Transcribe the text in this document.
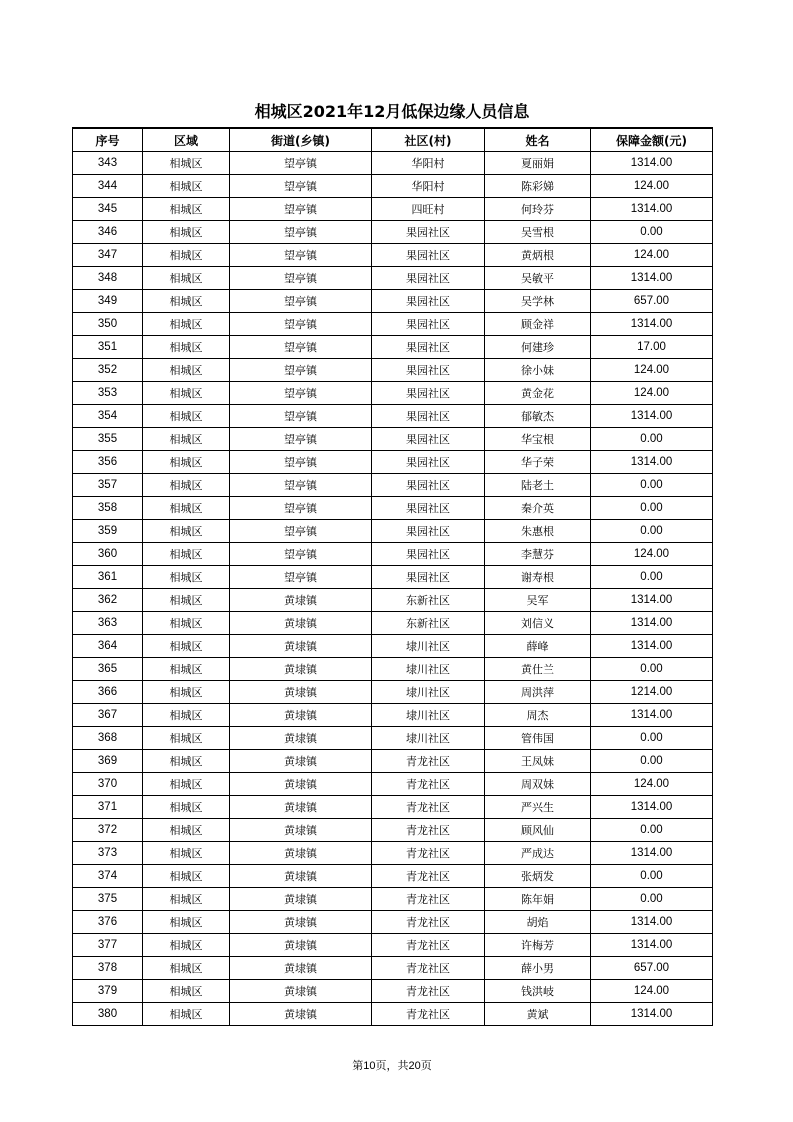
相城区2021年12月低保边缘人员信息
序号	区域	街道(乡镇)	社区(村)	姓名	保障金额(元)
343	相城区	望亭镇	华阳村	夏丽娟	1314.00
344	相城区	望亭镇	华阳村	陈彩娣	124.00
345	相城区	望亭镇	四旺村	何玲芬	1314.00
346	相城区	望亭镇	果园社区	吴雪根	0.00
347	相城区	望亭镇	果园社区	黄炳根	124.00
348	相城区	望亭镇	果园社区	吴敏平	1314.00
349	相城区	望亭镇	果园社区	吴学林	657.00
350	相城区	望亭镇	果园社区	顾金祥	1314.00
351	相城区	望亭镇	果园社区	何建珍	17.00
352	相城区	望亭镇	果园社区	徐小妹	124.00
353	相城区	望亭镇	果园社区	黄金花	124.00
354	相城区	望亭镇	果园社区	郁敏杰	1314.00
355	相城区	望亭镇	果园社区	华宝根	0.00
356	相城区	望亭镇	果园社区	华子荣	1314.00
357	相城区	望亭镇	果园社区	陆老土	0.00
358	相城区	望亭镇	果园社区	秦介英	0.00
359	相城区	望亭镇	果园社区	朱惠根	0.00
360	相城区	望亭镇	果园社区	李慧芬	124.00
361	相城区	望亭镇	果园社区	谢寿根	0.00
362	相城区	黄埭镇	东新社区	吴军	1314.00
363	相城区	黄埭镇	东新社区	刘信义	1314.00
364	相城区	黄埭镇	埭川社区	薛峰	1314.00
365	相城区	黄埭镇	埭川社区	黄仕兰	0.00
366	相城区	黄埭镇	埭川社区	周洪萍	1214.00
367	相城区	黄埭镇	埭川社区	周杰	1314.00
368	相城区	黄埭镇	埭川社区	管伟国	0.00
369	相城区	黄埭镇	青龙社区	王凤妹	0.00
370	相城区	黄埭镇	青龙社区	周双妹	124.00
371	相城区	黄埭镇	青龙社区	严兴生	1314.00
372	相城区	黄埭镇	青龙社区	顾风仙	0.00
373	相城区	黄埭镇	青龙社区	严成达	1314.00
374	相城区	黄埭镇	青龙社区	张炳发	0.00
375	相城区	黄埭镇	青龙社区	陈年娟	0.00
376	相城区	黄埭镇	青龙社区	胡焰	1314.00
377	相城区	黄埭镇	青龙社区	许梅芳	1314.00
378	相城区	黄埭镇	青龙社区	薛小男	657.00
379	相城区	黄埭镇	青龙社区	钱洪岐	124.00
380	相城区	黄埭镇	青龙社区	黄斌	1314.00
第10页，共20页
